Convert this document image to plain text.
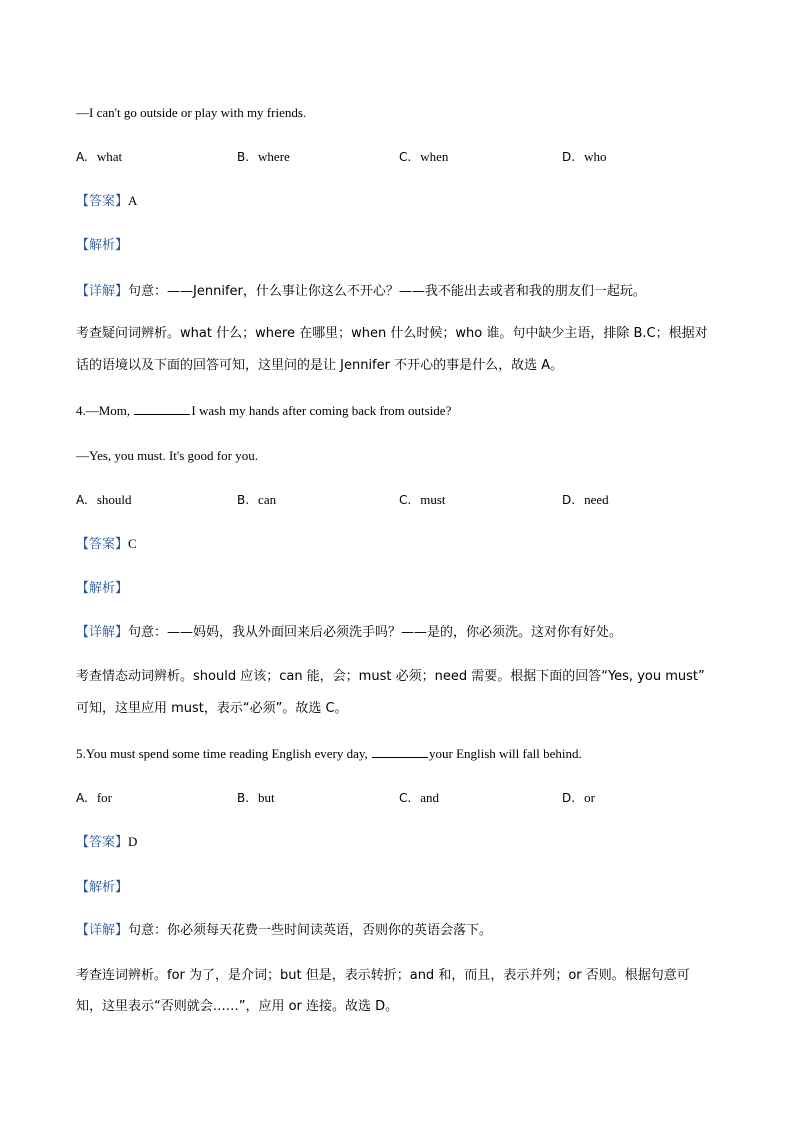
—I can't go outside or play with my friends.
A. what	B. where	C. when	D. who
【答案】A
【解析】
【详解】句意：——Jennifer，什么事让你这么不开心？——我不能出去或者和我的朋友们一起玩。
考查疑问词辨析。what 什么；where 在哪里；when 什么时候；who 谁。句中缺少主语，排除 B.C；根据对
话的语境以及下面的回答可知，这里问的是让 Jennifer 不开心的事是什么，故选 A。
4.—Mom,	I wash my hands after coming back from outside?
—Yes, you must. It's good for you.
A. should	B. can	C. must	D. need
【答案】C
【解析】
【详解】句意：——妈妈，我从外面回来后必须洗手吗？——是的，你必须洗。这对你有好处。
考查情态动词辨析。should 应该；can 能，会；must 必须；need 需要。根据下面的回答“Yes, you must”
可知，这里应用 must，表示“必须”。故选 C。
5.You must spend some time reading English every day,	your English will fall behind.
A. for	B. but	C. and	D. or
【答案】D
【解析】
【详解】句意：你必须每天花费一些时间读英语，否则你的英语会落下。
考查连词辨析。for 为了，是介词；but 但是，表示转折；and 和，而且，表示并列；or 否则。根据句意可
知，这里表示“否则就会……”，应用 or 连接。故选 D。
